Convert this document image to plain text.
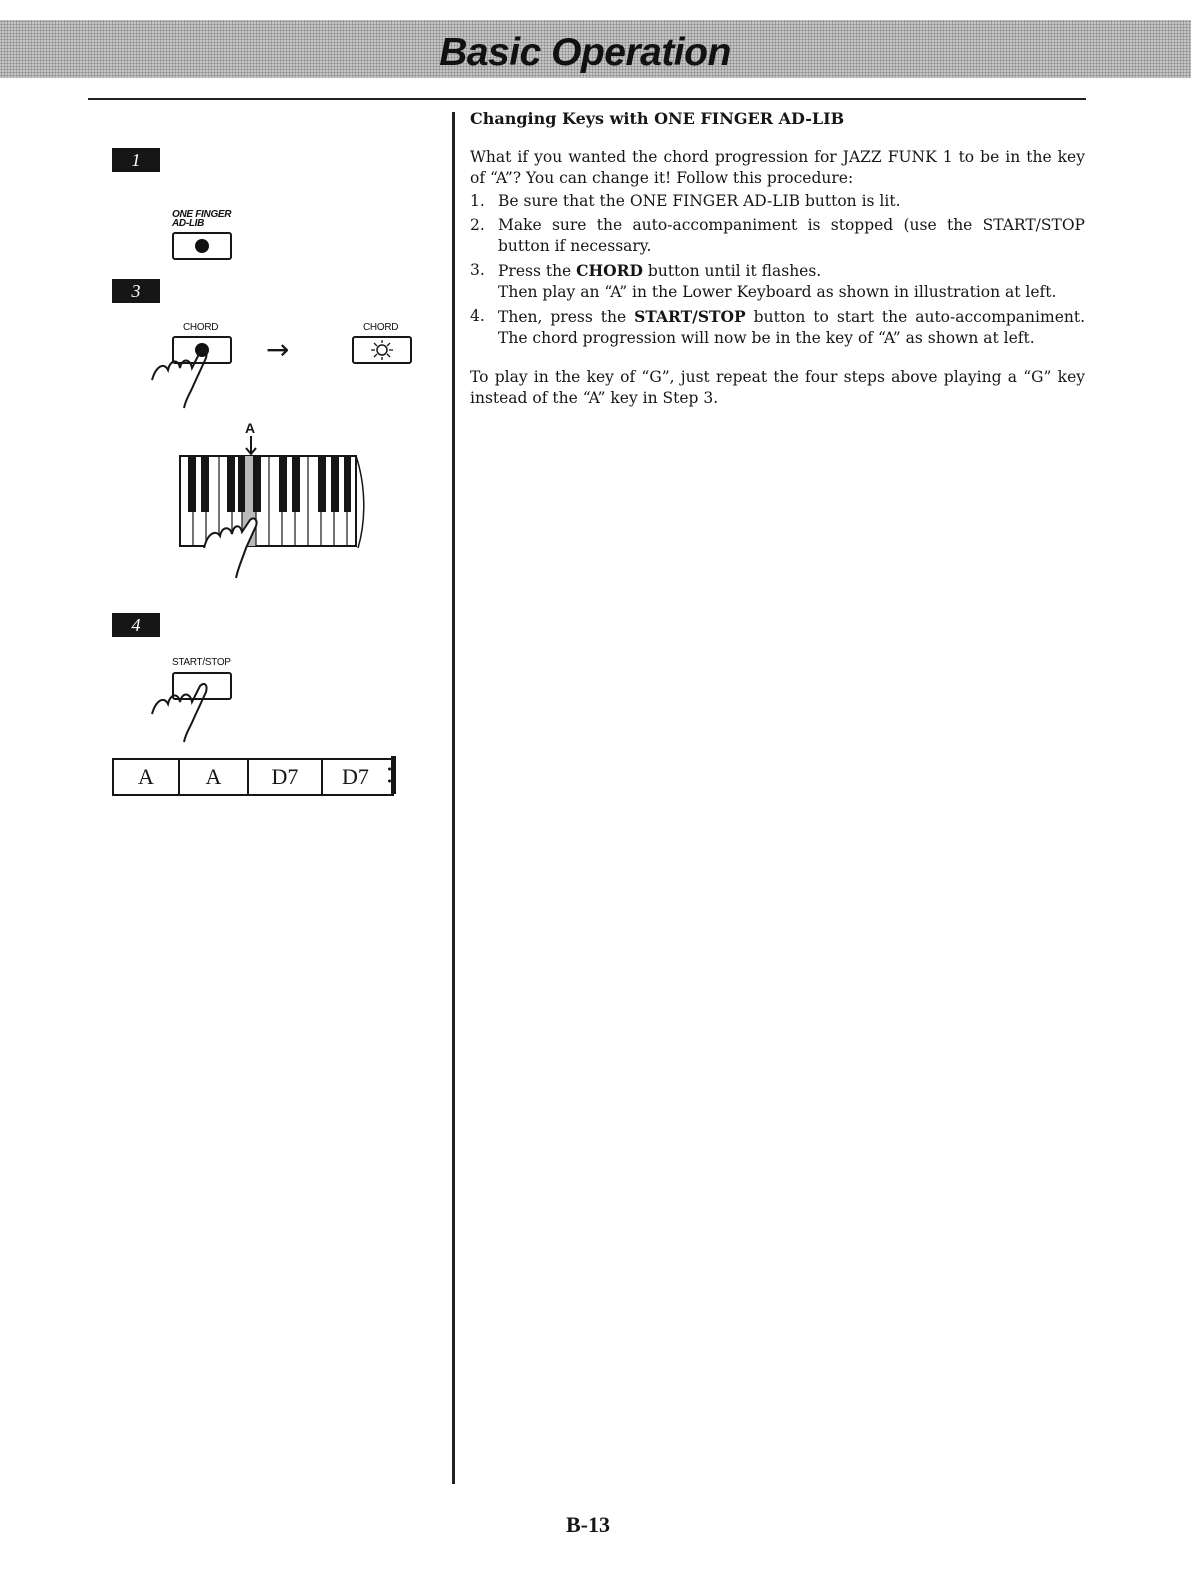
Basic Operation
1
ONE FINGER
AD-LIB
3
CHORD
→
CHORD
A
4
START/STOP
A	A	D7	D7

Changing Keys with ONE FINGER AD-LIB

What if you wanted the chord progression for JAZZ FUNK 1 to be in the key of “A”? You can change it! Follow this procedure:

1. Be sure that the ONE FINGER AD-LIB button is lit.
2. Make sure the auto-accompaniment is stopped (use the START/STOP button if necessary.
3. Press the CHORD button until it flashes.
Then play an “A” in the Lower Keyboard as shown in illustration at left.
4. Then, press the START/STOP button to start the auto-accompaniment. The chord progression will now be in the key of “A” as shown at left.

To play in the key of “G”, just repeat the four steps above playing a “G” key instead of the “A” key in Step 3.

B-13
